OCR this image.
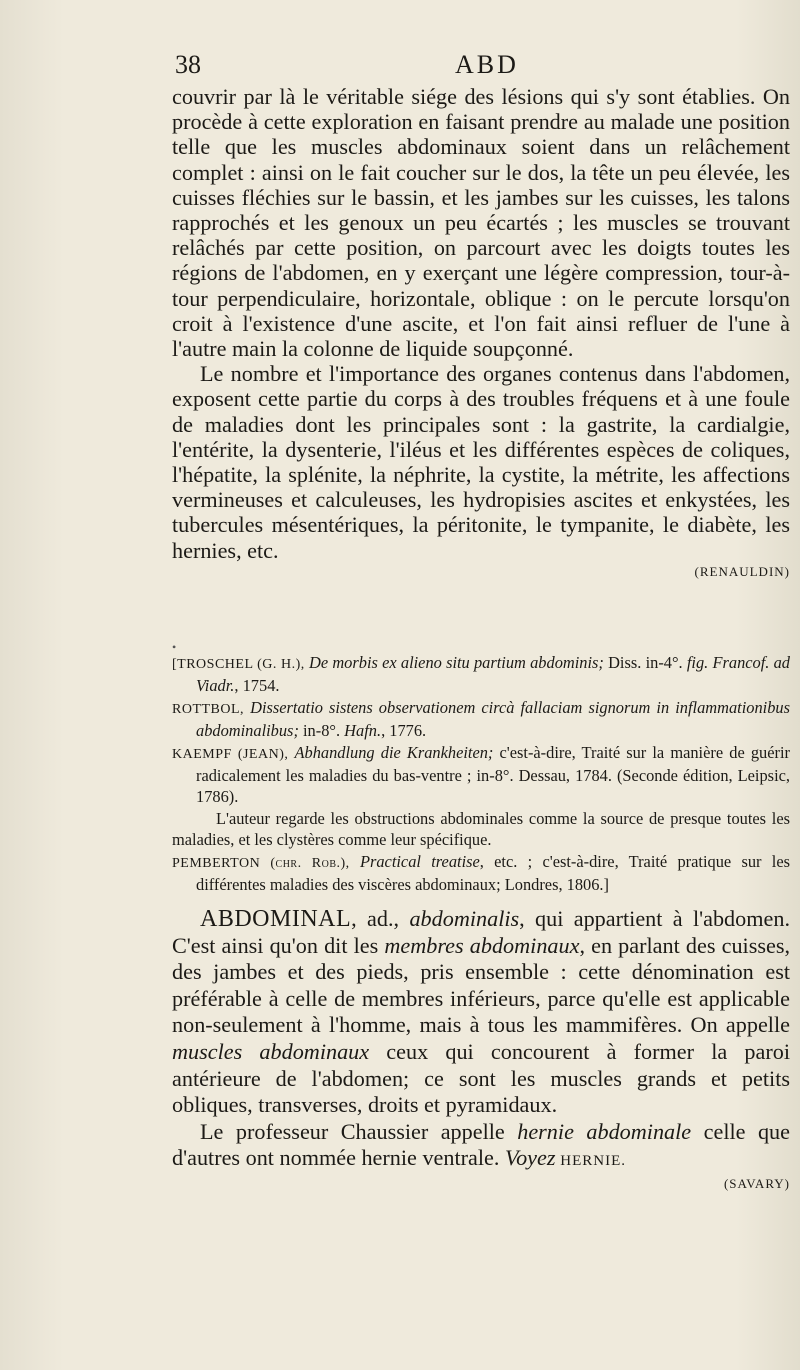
38	ABD

couvrir par là le véritable siége des lésions qui s'y sont établies. On procède à cette exploration en faisant prendre au malade une position telle que les muscles abdominaux soient dans un relâchement complet : ainsi on le fait coucher sur le dos, la tête un peu élevée, les cuisses fléchies sur le bassin, et les jambes sur les cuisses, les talons rapprochés et les genoux un peu écartés ; les muscles se trouvant relâchés par cette position, on parcourt avec les doigts toutes les régions de l'abdomen, en y exerçant une légère compression, tour-à-tour perpendiculaire, horizontale, oblique : on le percute lorsqu'on croit à l'existence d'une ascite, et l'on fait ainsi refluer de l'une à l'autre main la colonne de liquide soupçonné.

Le nombre et l'importance des organes contenus dans l'abdomen, exposent cette partie du corps à des troubles fréquens et à une foule de maladies dont les principales sont : la gastrite, la cardialgie, l'entérite, la dysenterie, l'iléus et les différentes espèces de coliques, l'hépatite, la splénite, la néphrite, la cystite, la métrite, les affections vermineuses et calculeuses, les hydropisies ascites et enkystées, les tubercules mésentériques, la péritonite, le tympanite, le diabète, les hernies, etc.

(RENAULDIN)

•

[TROSCHEL (G. H.), De morbis ex alieno situ partium abdominis; Diss. in-4°. fig. Francof. ad Viadr., 1754.

ROTTBOL, Dissertatio sistens observationem circà fallaciam signorum in inflammationibus abdominalibus; in-8°. Hafn., 1776.

KAEMPF (JEAN), Abhandlung die Krankheiten; c'est-à-dire, Traité sur la manière de guérir radicalement les maladies du bas-ventre ; in-8°. Dessau, 1784. (Seconde édition, Leipsic, 1786).

L'auteur regarde les obstructions abdominales comme la source de presque toutes les maladies, et les clystères comme leur spécifique.

PEMBERTON (chr. Rob.), Practical treatise, etc. ; c'est-à-dire, Traité pratique sur les différentes maladies des viscères abdominaux; Londres, 1806.]

ABDOMINAL, ad., abdominalis, qui appartient à l'abdomen. C'est ainsi qu'on dit les membres abdominaux, en parlant des cuisses, des jambes et des pieds, pris ensemble : cette dénomination est préférable à celle de membres inférieurs, parce qu'elle est applicable non-seulement à l'homme, mais à tous les mammifères. On appelle muscles abdominaux ceux qui concourent à former la paroi antérieure de l'abdomen; ce sont les muscles grands et petits obliques, transverses, droits et pyramidaux.

Le professeur Chaussier appelle hernie abdominale celle que d'autres ont nommée hernie ventrale. Voyez HERNIE.

(SAVARY)
